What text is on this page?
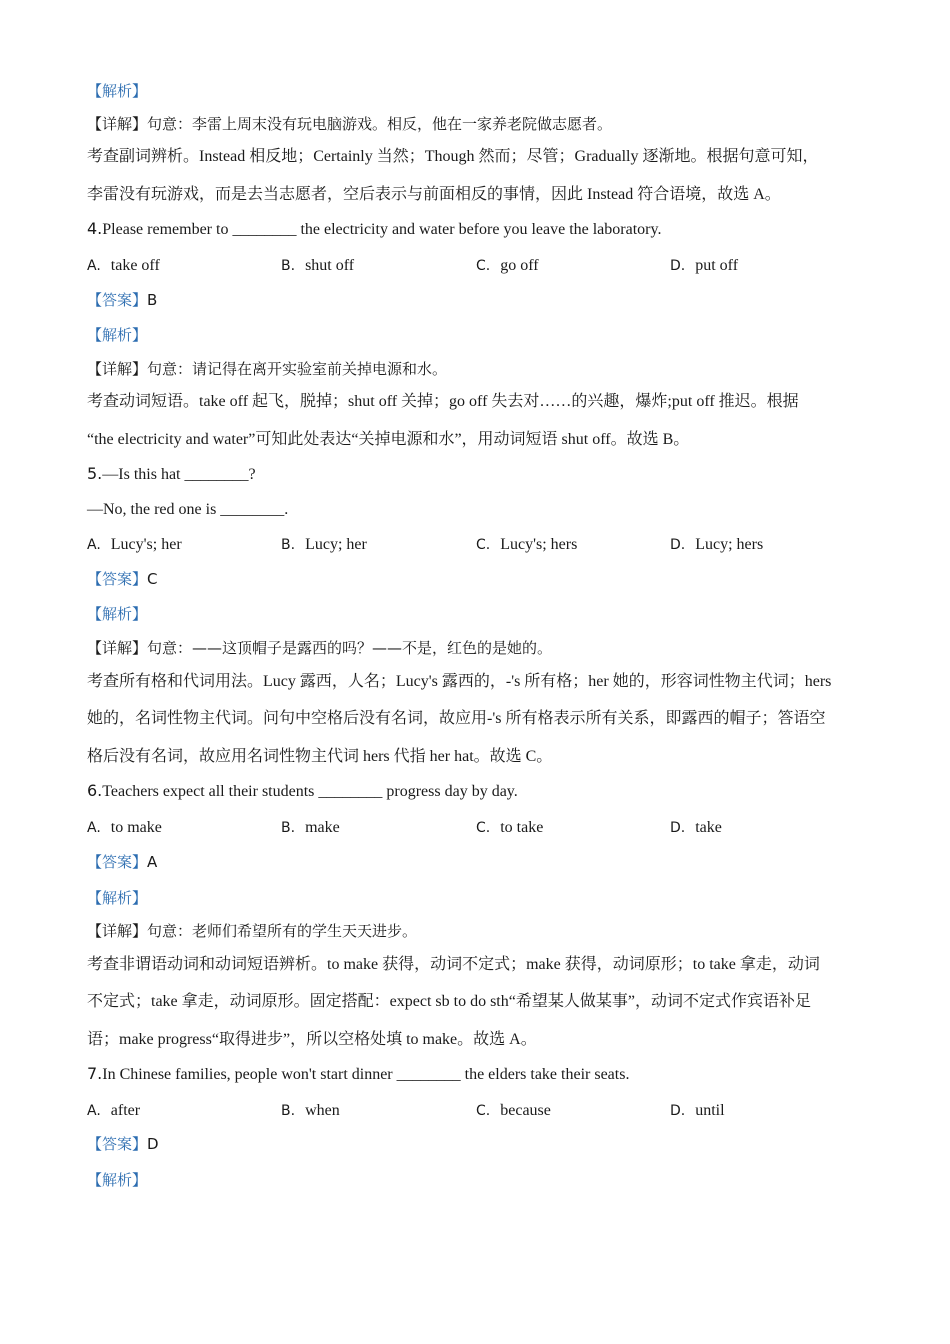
【解析】
【详解】句意：李雷上周末没有玩电脑游戏。相反，他在一家养老院做志愿者。
考查副词辨析。Instead 相反地；Certainly 当然；Though 然而；尽管；Gradually 逐渐地。根据句意可知，
李雷没有玩游戏，而是去当志愿者，空后表示与前面相反的事情，因此 Instead 符合语境，故选 A。
4.Please remember to ________ the electricity and water before you leave the laboratory.
A. take off	B. shut off	C. go off	D. put off
【答案】B
【解析】
【详解】句意：请记得在离开实验室前关掉电源和水。
考查动词短语。take off 起飞，脱掉；shut off 关掉；go off 失去对……的兴趣，爆炸;put off 推迟。根据
“the electricity and water”可知此处表达“关掉电源和水”，用动词短语 shut off。故选 B。
5.—Is this hat ________?
—No, the red one is ________.
A. Lucy's; her	B. Lucy; her	C. Lucy's; hers	D. Lucy; hers
【答案】C
【解析】
【详解】句意：——这顶帽子是露西的吗？——不是，红色的是她的。
考查所有格和代词用法。Lucy 露西，人名；Lucy's 露西的，-'s 所有格；her 她的，形容词性物主代词；hers
她的，名词性物主代词。问句中空格后没有名词，故应用-'s 所有格表示所有关系，即露西的帽子；答语空
格后没有名词，故应用名词性物主代词 hers 代指 her hat。故选 C。
6.Teachers expect all their students ________ progress day by day.
A. to make	B. make	C. to take	D. take
【答案】A
【解析】
【详解】句意：老师们希望所有的学生天天进步。
考查非谓语动词和动词短语辨析。to make 获得，动词不定式；make 获得，动词原形；to take 拿走，动词
不定式；take 拿走，动词原形。固定搭配：expect sb to do sth“希望某人做某事”，动词不定式作宾语补足
语；make progress“取得进步”，所以空格处填 to make。故选 A。
7.In Chinese families, people won't start dinner ________ the elders take their seats.
A. after	B. when	C. because	D. until
【答案】D
【解析】
